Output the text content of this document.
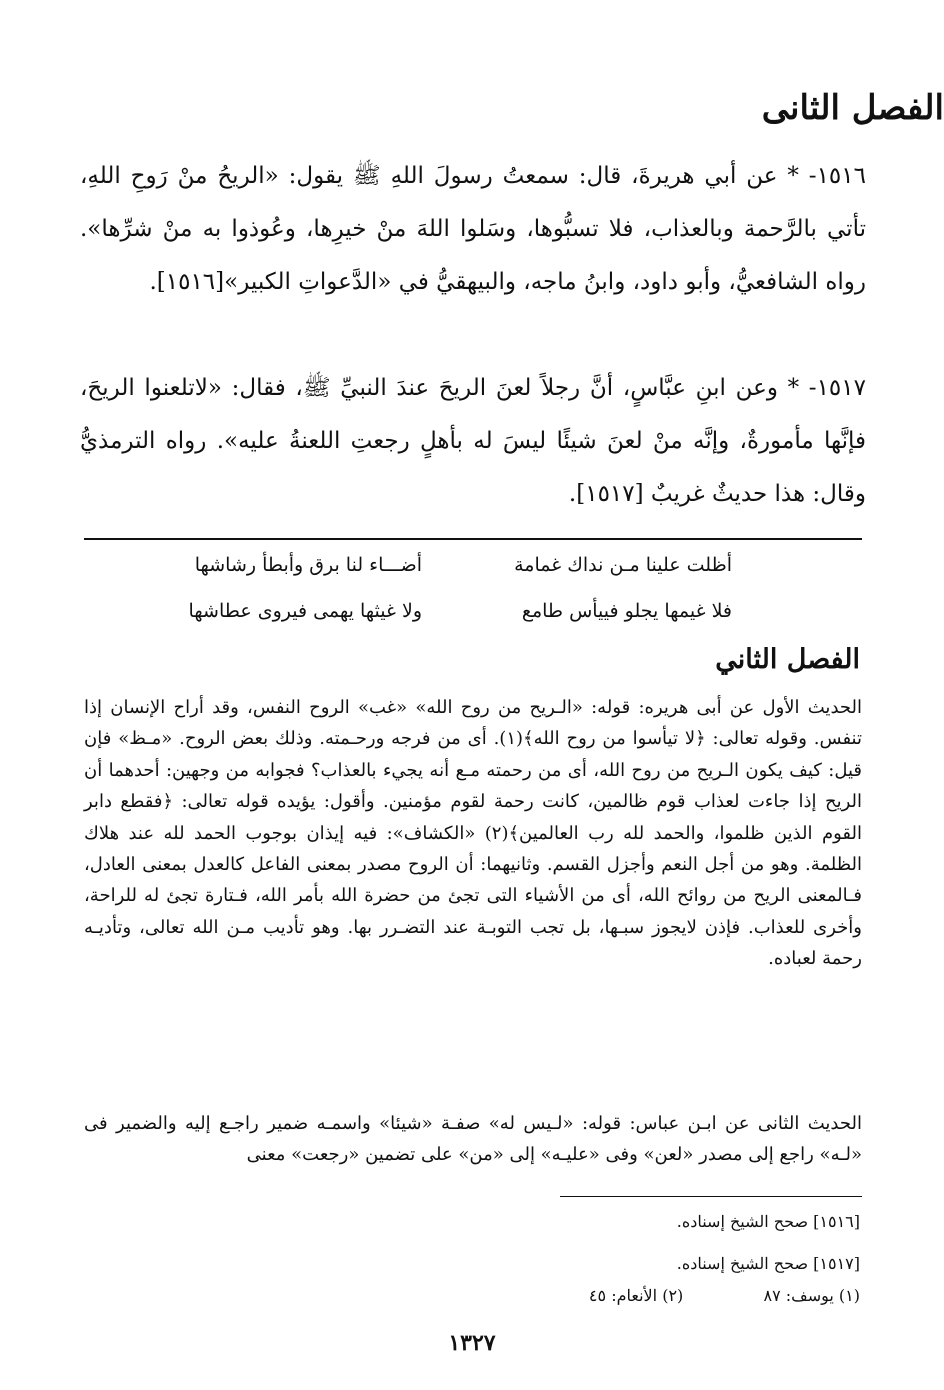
الفصل الثانى

١٥١٦- * عن أبي هريرةَ، قال: سمعتُ رسولَ اللهِ ﷺ يقول: «الريحُ منْ رَوحِ اللهِ، تأتي بالرَّحمة وبالعذاب، فلا تسبُّوها، وسَلوا اللهَ منْ خيرِها، وعُوذوا به منْ شرِّها». رواه الشافعيُّ، وأبو داود، وابنُ ماجه، والبيهقيُّ في «الدَّعواتِ الكبير»[١٥١٦].

١٥١٧- * وعن ابنِ عبَّاسٍ، أنَّ رجلاً لعنَ الريحَ عندَ النبيِّ ﷺ، فقال: «لاتلعنوا الريحَ، فإنَّها مأمورةٌ، وإنَّه منْ لعنَ شيئًا ليسَ له بأهلٍ رجعتِ اللعنةُ عليه». رواه الترمذيُّ وقال: هذا حديثٌ غريبٌ [١٥١٧].

أظلت علينا مـن نداك غمامة
أضـــاء لنا برق وأبطأ رشاشها
فلا غيمها يجلو فييأس طامع
ولا غيثها يهمى فيروى عطاشها
الفصل الثاني

الحديث الأول عن أبى هريره: قوله: «الـريح من روح الله» «غب» الروح النفس، وقد أراح الإنسان إذا تنفس. وقوله تعالى: ﴿لا تيأسوا من روح الله﴾(١). أى من فرجه ورحـمته. وذلك بعض الروح. «مـظ» فإن قيل: كيف يكون الـريح من روح الله، أى من رحمته مـع أنه يجيء بالعذاب؟ فجوابه من وجهين: أحدهما أن الريح إذا جاءت لعذاب قوم ظالمين، كانت رحمة لقوم مؤمنين. وأقول: يؤيده قوله تعالى: ﴿فقطع دابر القوم الذين ظلموا، والحمد لله رب العالمين﴾(٢) «الكشاف»: فيه إيذان بوجوب الحمد لله عند هلاك الظلمة. وهو من أجل النعم وأجزل القسم. وثانيهما: أن الروح مصدر بمعنى الفاعل كالعدل بمعنى العادل، فـالمعنى الريح من روائح الله، أى من الأشياء التى تجئ من حضرة الله بأمر الله، فـتارة تجئ له للراحة، وأخرى للعذاب. فإذن لايجوز سبـها، بل تجب التوبـة عند التضـرر بها. وهو تأديب مـن الله تعالى، وتأديـه رحمة لعباده.

الحديث الثانى عن ابـن عباس: قوله: «لـيس له» صفـة «شيئا» واسمـه ضمير راجـع إليه والضمير فى «لـه» راجع إلى مصدر «لعن» وفى «عليـه» إلى «من» على تضمين «رجعت» معنى

[١٥١٦] صحح الشيخ إسناده.
[١٥١٧] صحح الشيخ إسناده.
(١) يوسف: ٨٧  (٢) الأنعام: ٤٥
١٣٢٧
